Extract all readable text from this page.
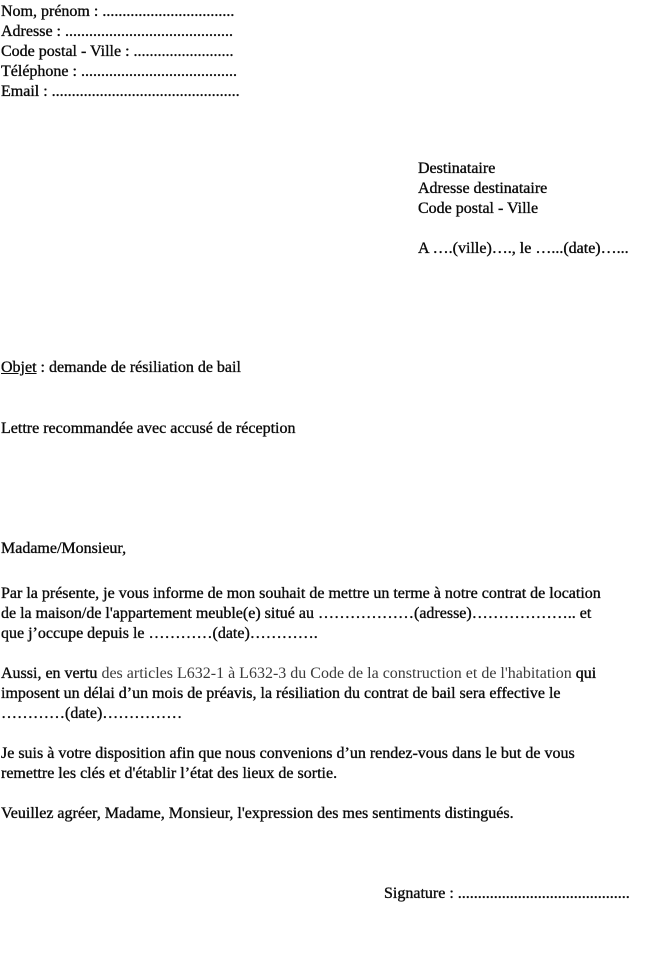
Nom, prénom : .................................
Adresse : ..........................................
Code postal - Ville : .........................
Téléphone : .......................................
Email : ...............................................
Destinataire
Adresse destinataire
Code postal - Ville
A ….(ville)…., le …...(date)…...
Objet : demande de résiliation de bail
Lettre recommandée avec accusé de réception
Madame/Monsieur,
Par la présente, je vous informe de mon souhait de mettre un terme à notre contrat de location
de la maison/de l'appartement meuble(e) situé au ………………(adresse)……………….. et
que j’occupe depuis le …………(date)………….
Aussi, en vertu des articles L632-1 à L632-3 du Code de la construction et de l'habitation qui
imposent un délai d’un mois de préavis, la résiliation du contrat de bail sera effective le
…………(date)……………
Je suis à votre disposition afin que nous convenions d’un rendez-vous dans le but de vous
remettre les clés et d'établir l’état des lieux de sortie.
Veuillez agréer, Madame, Monsieur, l'expression des mes sentiments distingués.
Signature : ...........................................
